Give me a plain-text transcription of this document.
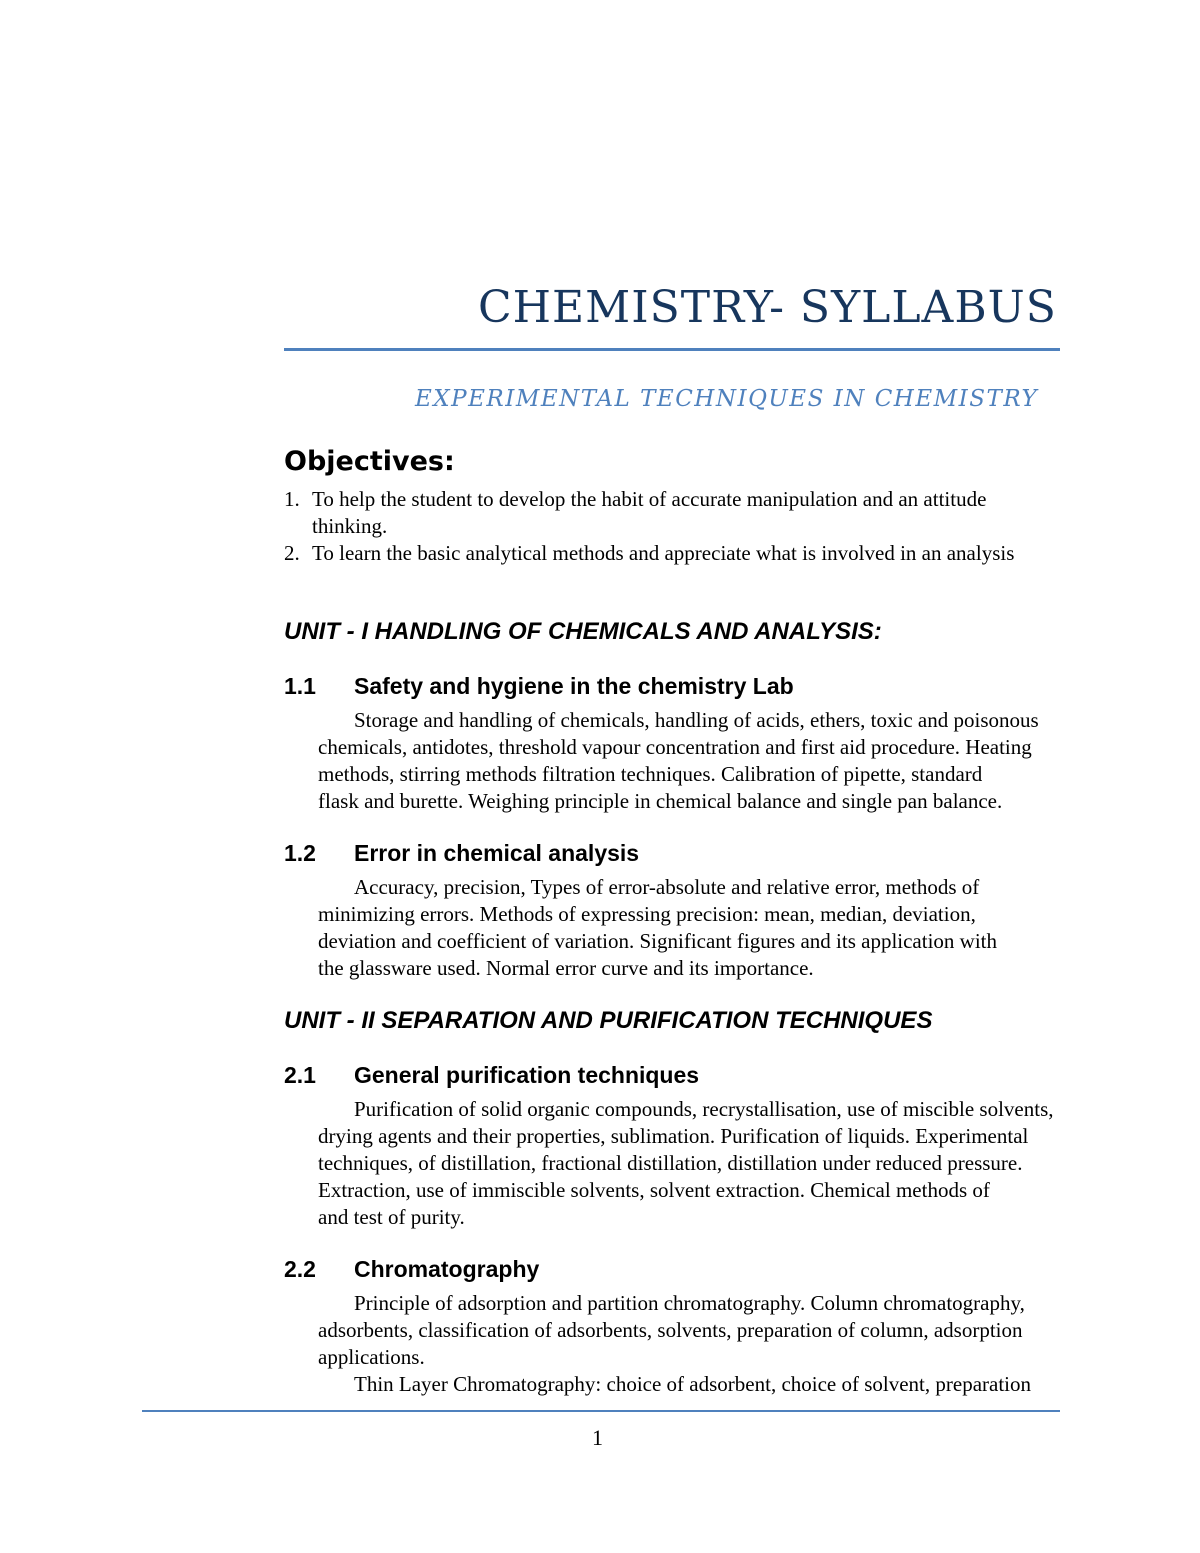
CHEMISTRY- SYLLABUS
EXPERIMENTAL TECHNIQUES IN CHEMISTRY
Objectives:
1. To help the student to develop the habit of accurate manipulation and an attitude
thinking.
2. To learn the basic analytical methods and appreciate what is involved in an analysis
UNIT - I HANDLING OF CHEMICALS AND ANALYSIS:
1.1 Safety and hygiene in the chemistry Lab
Storage and handling of chemicals, handling of acids, ethers, toxic and poisonous
chemicals, antidotes, threshold vapour concentration and first aid procedure. Heating
methods, stirring methods filtration techniques. Calibration of pipette, standard
flask and burette. Weighing principle in chemical balance and single pan balance.
1.2 Error in chemical analysis
Accuracy, precision, Types of error-absolute and relative error, methods of
minimizing errors. Methods of expressing precision: mean, median, deviation,
deviation and coefficient of variation. Significant figures and its application with
the glassware used. Normal error curve and its importance.
UNIT - II SEPARATION AND PURIFICATION TECHNIQUES
2.1 General purification techniques
Purification of solid organic compounds, recrystallisation, use of miscible solvents,
drying agents and their properties, sublimation. Purification of liquids. Experimental
techniques, of distillation, fractional distillation, distillation under reduced pressure.
Extraction, use of immiscible solvents, solvent extraction. Chemical methods of
and test of purity.
2.2 Chromatography
Principle of adsorption and partition chromatography. Column chromatography,
adsorbents, classification of adsorbents, solvents, preparation of column, adsorption
applications.
Thin Layer Chromatography: choice of adsorbent, choice of solvent, preparation
1
